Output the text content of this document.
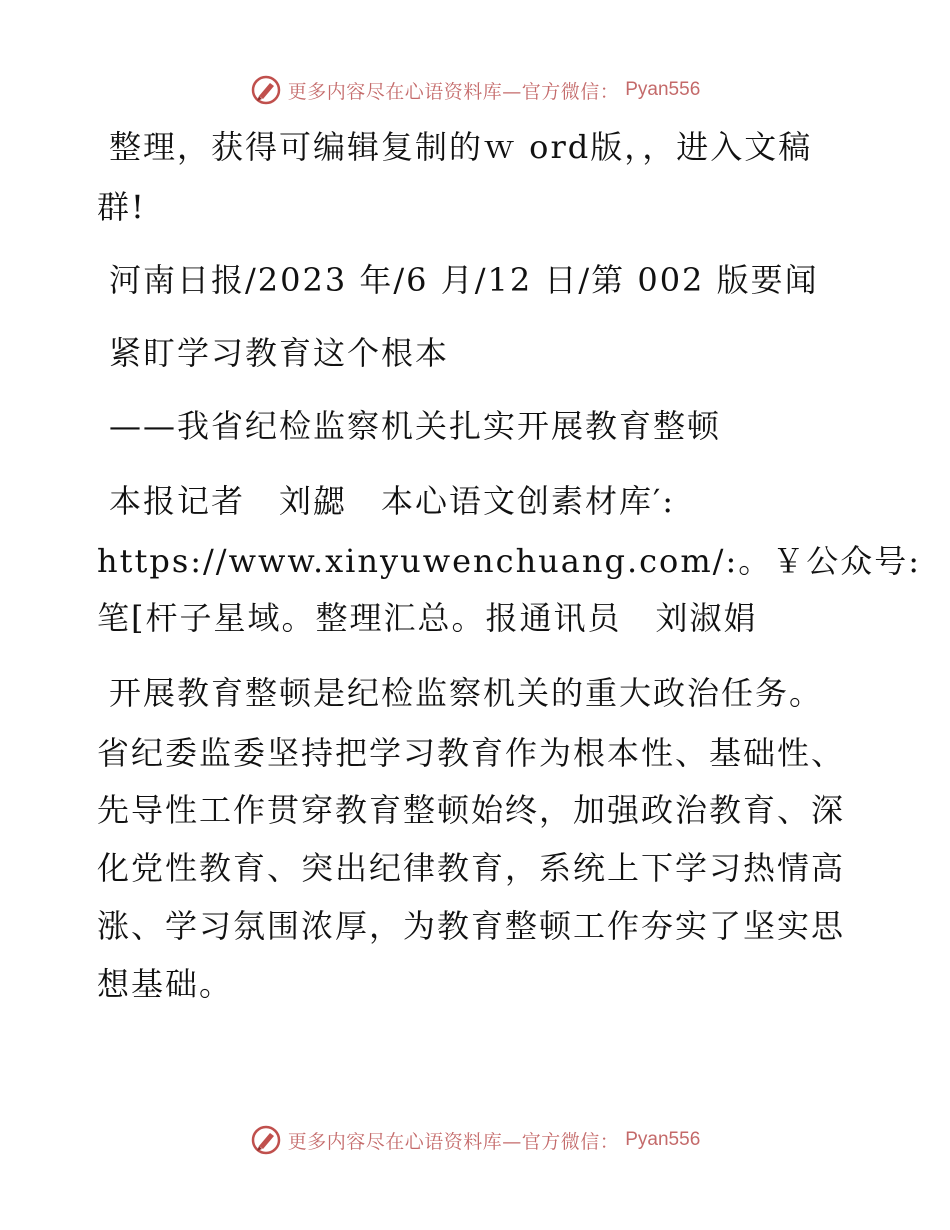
更多内容尽在心语资料库—官方微信： Pyan556
整理，获得可编辑复制的ｗ ord版，，进入文稿
群!
河南日报/2023 年/6 月/12 日/第 002 版要闻
紧盯学习教育这个根本
——我省纪检监察机关扎实开展教育整顿
本报记者　刘勰　本心语文创素材库′:
https://www.xinyuwenchuang.com/:。￥公众号:
笔[杆子星域。整理汇总。报通讯员　刘淑娟
开展教育整顿是纪检监察机关的重大政治任务。
省纪委监委坚持把学习教育作为根本性、基础性、
先导性工作贯穿教育整顿始终，加强政治教育、深
化党性教育、突出纪律教育，系统上下学习热情高
涨、学习氛围浓厚，为教育整顿工作夯实了坚实思
想基础。
更多内容尽在心语资料库—官方微信： Pyan556
